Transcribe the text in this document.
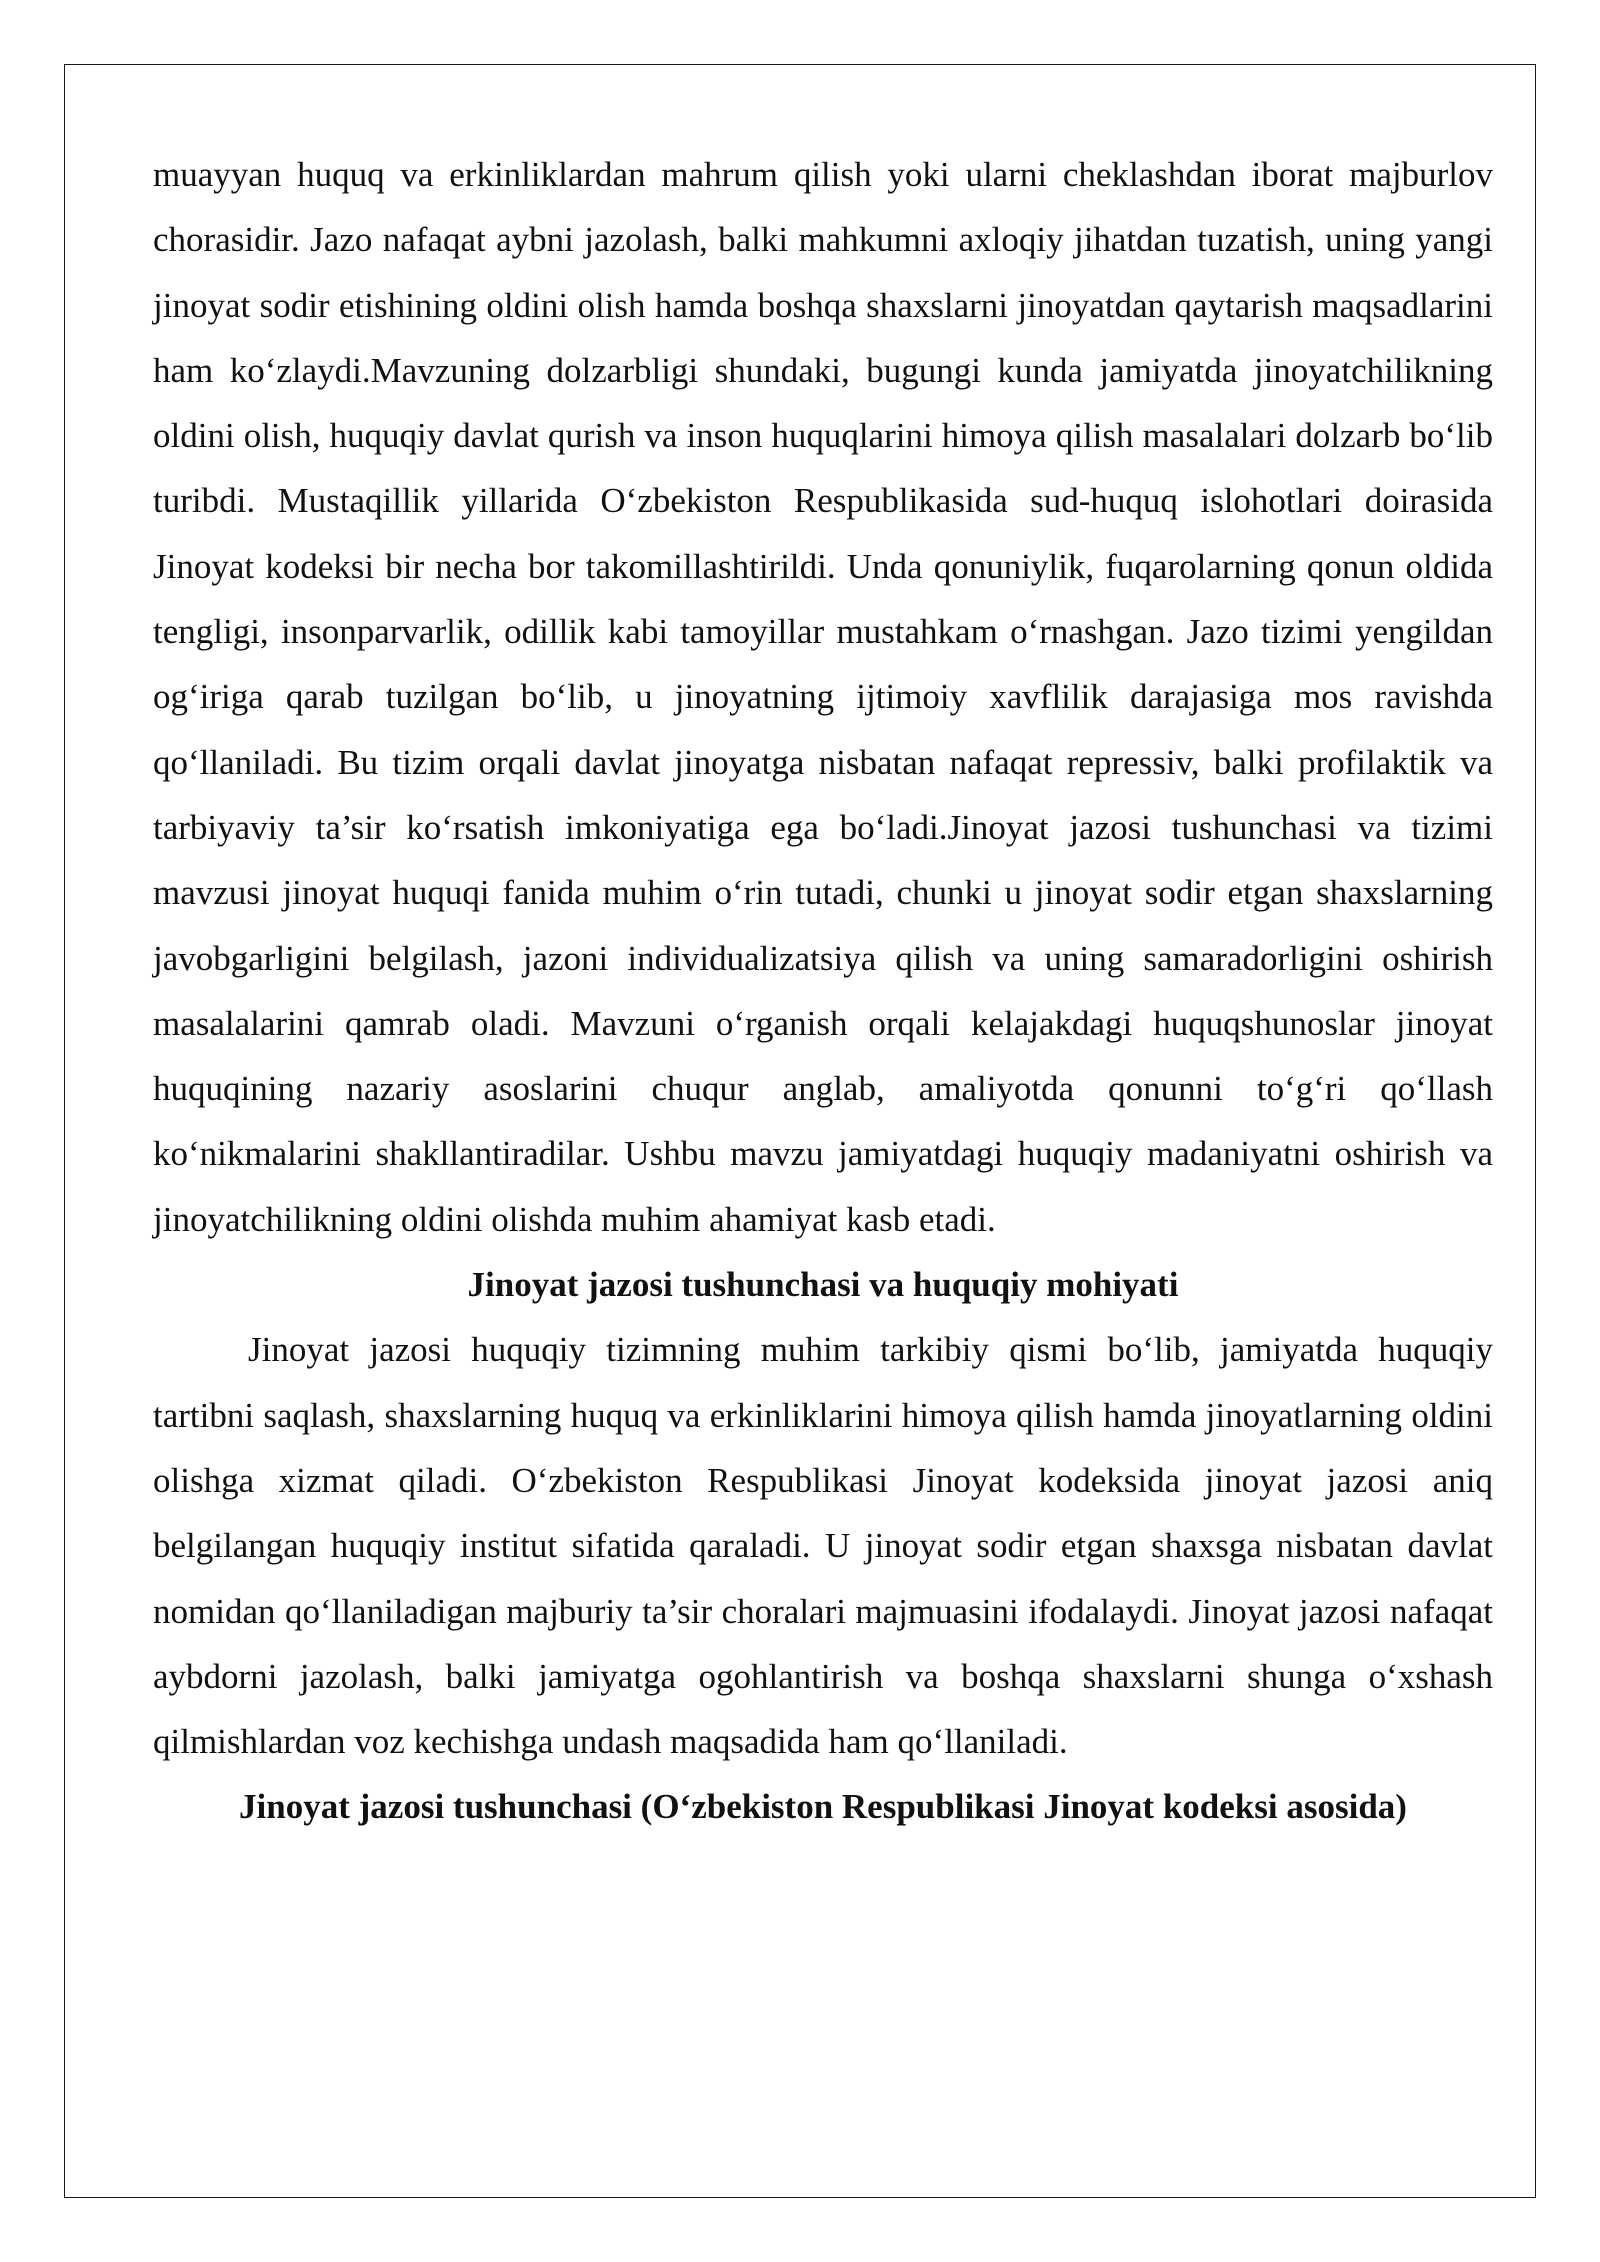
muayyan huquq va erkinliklardan mahrum qilish yoki ularni cheklashdan iborat majburlov chorasidir. Jazo nafaqat aybni jazolash, balki mahkumni axloqiy jihatdan tuzatish, uning yangi jinoyat sodir etishining oldini olish hamda boshqa shaxslarni jinoyatdan qaytarish maqsadlarini ham ko‘zlaydi.Mavzuning dolzarbligi shundaki, bugungi kunda jamiyatda jinoyatchilikning oldini olish, huquqiy davlat qurish va inson huquqlarini himoya qilish masalalari dolzarb bo‘lib turibdi. Mustaqillik yillarida O‘zbekiston Respublikasida sud-huquq islohotlari doirasida Jinoyat kodeksi bir necha bor takomillashtirildi. Unda qonuniylik, fuqarolarning qonun oldida tengligi, insonparvarlik, odillik kabi tamoyillar mustahkam o‘rnashgan. Jazo tizimi yengildan og‘iriga qarab tuzilgan bo‘lib, u jinoyatning ijtimoiy xavflilik darajasiga mos ravishda qo‘llaniladi. Bu tizim orqali davlat jinoyatga nisbatan nafaqat repressiv, balki profilaktik va tarbiyaviy ta’sir ko‘rsatish imkoniyatiga ega bo‘ladi.Jinoyat jazosi tushunchasi va tizimi mavzusi jinoyat huquqi fanida muhim o‘rin tutadi, chunki u jinoyat sodir etgan shaxslarning javobgarligini belgilash, jazoni individualizatsiya qilish va uning samaradorligini oshirish masalalarini qamrab oladi. Mavzuni o‘rganish orqali kelajakdagi huquqshunoslar jinoyat huquqining nazariy asoslarini chuqur anglab, amaliyotda qonunni to‘g‘ri qo‘llash ko‘nikmalarini shakllantiradilar. Ushbu mavzu jamiyatdagi huquqiy madaniyatni oshirish va jinoyatchilikning oldini olishda muhim ahamiyat kasb etadi.

Jinoyat jazosi tushunchasi va huquqiy mohiyati

Jinoyat jazosi huquqiy tizimning muhim tarkibiy qismi bo‘lib, jamiyatda huquqiy tartibni saqlash, shaxslarning huquq va erkinliklarini himoya qilish hamda jinoyatlarning oldini olishga xizmat qiladi. O‘zbekiston Respublikasi Jinoyat kodeksida jinoyat jazosi aniq belgilangan huquqiy institut sifatida qaraladi. U jinoyat sodir etgan shaxsga nisbatan davlat nomidan qo‘llaniladigan majburiy ta’sir choralari majmuasini ifodalaydi. Jinoyat jazosi nafaqat aybdorni jazolash, balki jamiyatga ogohlantirish va boshqa shaxslarni shunga o‘xshash qilmishlardan voz kechishga undash maqsadida ham qo‘llaniladi.

Jinoyat jazosi tushunchasi (O‘zbekiston Respublikasi Jinoyat kodeksi asosida)
